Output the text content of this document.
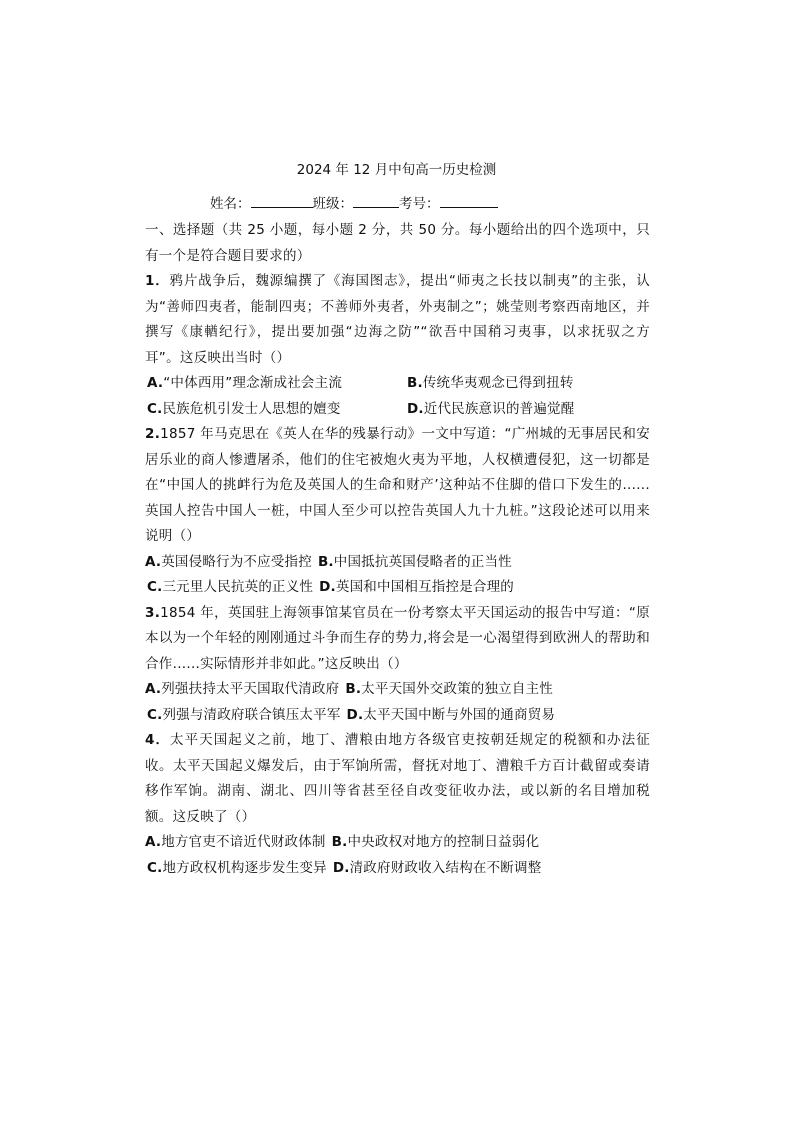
2024 年 12 月中旬高一历史检测
姓名：	班级：	考号：

一、选择题（共 25 小题，每小题 2 分，共 50 分。每小题给出的四个选项中，只有一个是符合题目要求的）

1．鸦片战争后，魏源编撰了《海国图志》，提出“师夷之长技以制夷”的主张，认为“善师四夷者，能制四夷；不善师外夷者，外夷制之”；姚莹则考察西南地区，并撰写《康輶纪行》，提出要加强“边海之防”“欲吾中国稍习夷事，以求抚驭之方耳”。这反映出当时（）

A.“中体西用”理念渐成社会主流	B.传统华夷观念已得到扭转
C.民族危机引发士人思想的嬗变	D.近代民族意识的普遍觉醒

2.1857 年马克思在《英人在华的残暴行动》一文中写道：“广州城的无事居民和安居乐业的商人惨遭屠杀，他们的住宅被炮火夷为平地，人权横遭侵犯，这一切都是在“中国人的挑衅行为危及英国人的生命和财产’这种站不住脚的借口下发生的......英国人控告中国人一桩，中国人至少可以控告英国人九十九桩。”这段论述可以用来说明（）

A.英国侵略行为不应受指控 B.中国抵抗英国侵略者的正当性
C.三元里人民抗英的正义性 D.英国和中国相互指控是合理的

3.1854 年，英国驻上海领事馆某官员在一份考察太平天国运动的报告中写道：“原本以为一个年轻的刚刚通过斗争而生存的势力,将会是一心渴望得到欧洲人的帮助和合作......实际情形并非如此。”这反映出（）

A.列强扶持太平天国取代清政府 B.太平天国外交政策的独立自主性
C.列强与清政府联合镇压太平军 D.太平天国中断与外国的通商贸易

4．太平天国起义之前，地丁、漕粮由地方各级官吏按朝廷规定的税额和办法征收。太平天国起义爆发后，由于军饷所需，督抚对地丁、漕粮千方百计截留或奏请移作军饷。湖南、湖北、四川等省甚至径自改变征收办法，或以新的名目增加税额。这反映了（）

A.地方官吏不谙近代财政体制 B.中央政权对地方的控制日益弱化
C.地方政权机构逐步发生变异 D.清政府财政收入结构在不断调整
